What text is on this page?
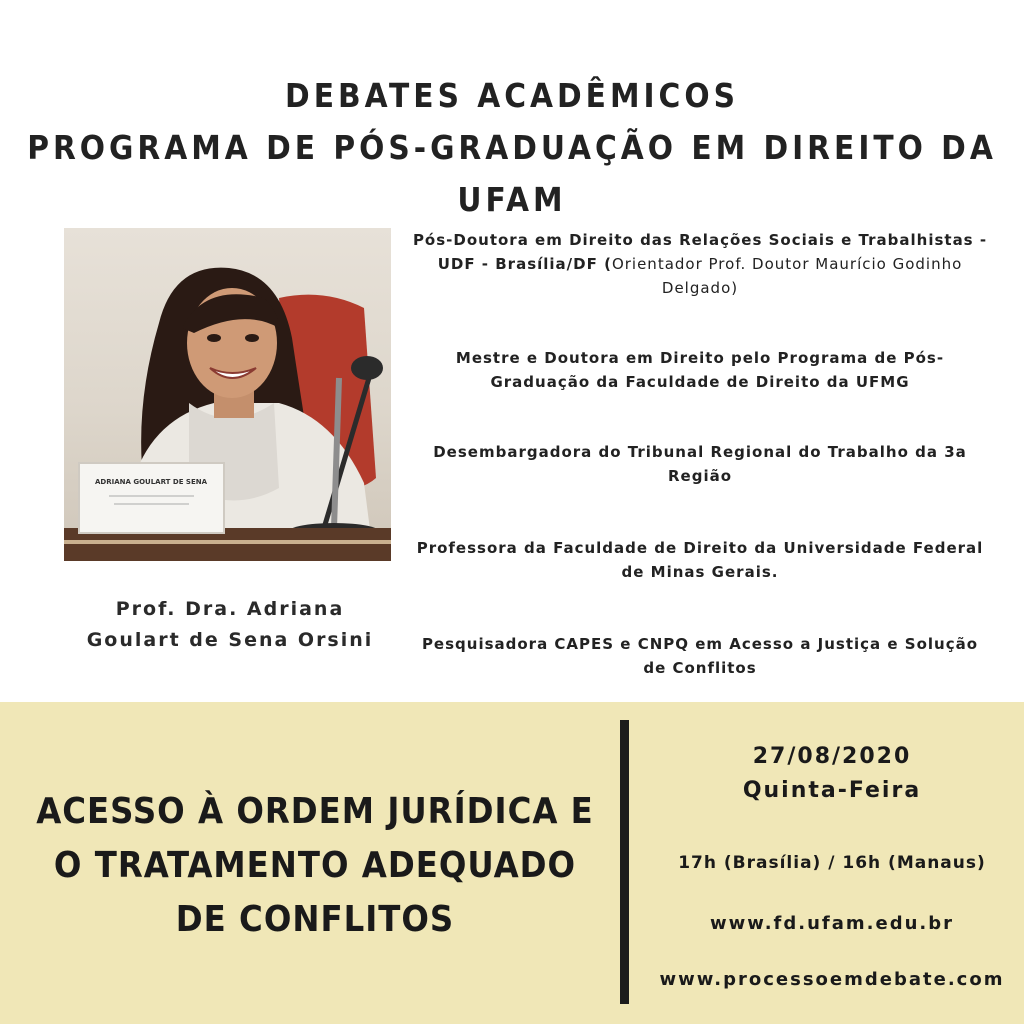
DEBATES ACADÊMICOS
PROGRAMA DE PÓS-GRADUAÇÃO EM DIREITO DA UFAM
ADRIANA GOULART DE SENA
Prof. Dra. Adriana
Goulart de Sena Orsini
Pós-Doutora em Direito das Relações Sociais e Trabalhistas - UDF - Brasília/DF (Orientador Prof. Doutor Maurício Godinho Delgado)
Mestre e Doutora em Direito pelo Programa de Pós-Graduação da Faculdade de Direito da UFMG
Desembargadora do Tribunal Regional do Trabalho da 3a Região
Professora da Faculdade de Direito da Universidade Federal de Minas Gerais.
Pesquisadora CAPES e CNPQ em Acesso a Justiça e Solução de Conflitos
ACESSO À ORDEM JURÍDICA E O TRATAMENTO ADEQUADO DE CONFLITOS
27/08/2020
Quinta-Feira
17h (Brasília) / 16h (Manaus)
www.fd.ufam.edu.br
www.processoemdebate.com
